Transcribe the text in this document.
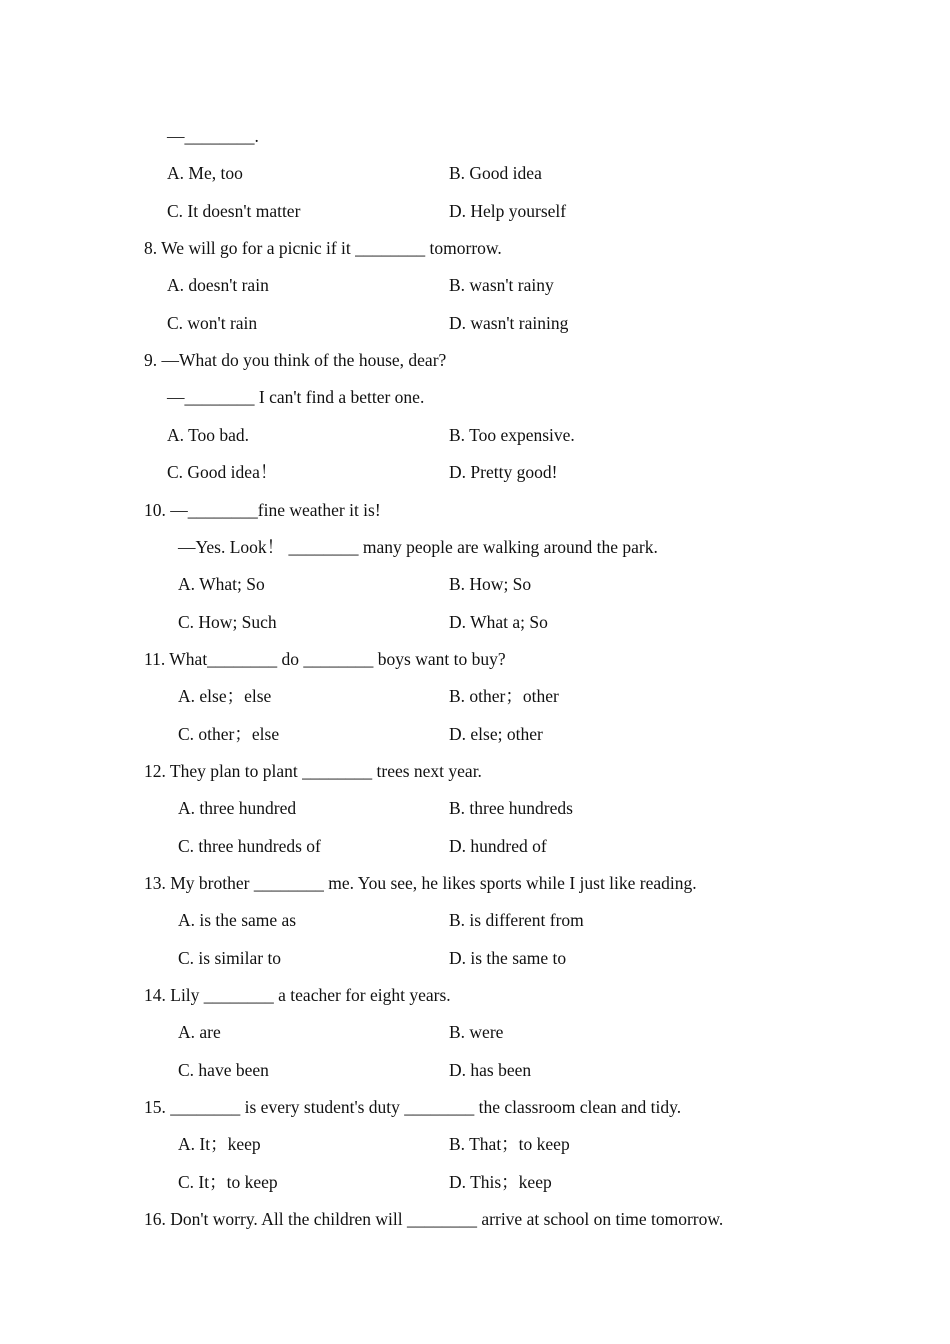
—________.
A. Me, too	B. Good idea
C. It doesn't matter	D. Help yourself
8. We will go for a picnic if it ________ tomorrow.
A. doesn't rain	B. wasn't rainy
C. won't rain	D. wasn't raining
9. —What do you think of the house, dear?
—________ I can't find a better one.
A. Too bad.	B. Too expensive.
C. Good idea！	D. Pretty good!
10. —________fine weather it is!
—Yes. Look！ ________ many people are walking around the park.
A. What; So	B. How; So
C. How; Such	D. What a; So
11. What________ do ________ boys want to buy?
A. else；else	B. other；other
C. other；else	D. else; other
12. They plan to plant ________ trees next year.
A. three hundred	B. three hundreds
C. three hundreds of	D. hundred of
13. My brother ________ me. You see, he likes sports while I just like reading.
A. is the same as	B. is different from
C. is similar to	D. is the same to
14. Lily ________ a teacher for eight years.
A. are	B. were
C. have been	D. has been
15. ________ is every student's duty ________ the classroom clean and tidy.
A. It；keep	B. That；to keep
C. It；to keep	D. This；keep
16. Don't worry. All the children will ________ arrive at school on time tomorrow.
